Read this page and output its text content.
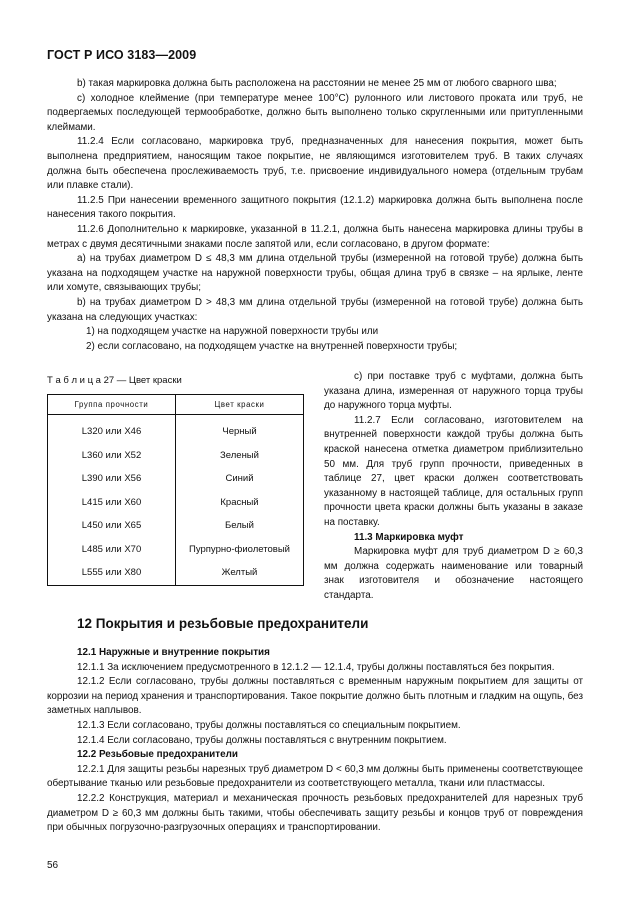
ГОСТ Р ИСО 3183—2009

b) такая маркировка должна быть расположена на расстоянии не менее 25 мм от любого сварного шва;

c) холодное клеймение (при температуре менее 100°С) рулонного или листового проката или труб, не подвергаемых последующей термообработке, должно быть выполнено только скругленными или притупленными клеймами.

11.2.4 Если согласовано, маркировка труб, предназначенных для нанесения покрытия, может быть выполнена предприятием, наносящим такое покрытие, не являющимся изготовителем труб. В таких случаях должна быть обеспечена прослеживаемость труб, т.е. присвоение индивидуального номера (отдельным трубам или плавке стали).

11.2.5 При нанесении временного защитного покрытия (12.1.2) маркировка должна быть выполнена после нанесения такого покрытия.

11.2.6 Дополнительно к маркировке, указанной в 11.2.1, должна быть нанесена маркировка длины трубы в метрах с двумя десятичными знаками после запятой или, если согласовано, в другом формате:

a) на трубах диаметром D ≤ 48,3 мм длина отдельной трубы (измеренной на готовой трубе) должна быть указана на подходящем участке на наружной поверхности трубы, общая длина труб в связке – на ярлыке, ленте или хомуте, связывающих трубы;

b) на трубах диаметром D > 48,3 мм длина отдельной трубы (измеренной на готовой трубе) должна быть указана на следующих участках:

1) на подходящем участке на наружной поверхности трубы или

2) если согласовано, на подходящем участке на внутренней поверхности трубы;

Т а б л и ц а 27 — Цвет краски
Группа прочности	Цвет краски

L320 или X46	Черный
L360 или X52	Зеленый
L390 или X56	Синий
L415 или X60	Красный
L450 или X65	Белый
L485 или X70	Пурпурно-фиолетовый
L555 или X80	Желтый

c) при поставке труб с муфтами, должна быть указана длина, измеренная от наружного торца трубы до наружного торца муфты.

11.2.7 Если согласовано, изготовителем на внутренней поверхности каждой трубы должна быть краской нанесена отметка диаметром приблизительно 50 мм. Для труб групп прочности, приведенных в таблице 27, цвет краски должен соответствовать указанному в настоящей таблице, для остальных групп прочности цвета краски должны быть указаны в заказе на поставку.

11.3 Маркировка муфт

Маркировка муфт для труб диаметром D ≥ 60,3 мм должна содержать наименование или товарный знак изготовителя и обозначение настоящего стандарта.

12 Покрытия и резьбовые предохранители

12.1 Наружные и внутренние покрытия

12.1.1 За исключением предусмотренного в 12.1.2 — 12.1.4, трубы должны поставляться без покрытия.

12.1.2 Если согласовано, трубы должны поставляться с временным наружным покрытием для защиты от коррозии на период хранения и транспортирования. Такое покрытие должно быть плотным и гладким на ощупь, без заметных наплывов.

12.1.3 Если согласовано, трубы должны поставляться со специальным покрытием.

12.1.4 Если согласовано, трубы должны поставляться с внутренним покрытием.

12.2 Резьбовые предохранители

12.2.1 Для защиты резьбы нарезных труб диаметром D < 60,3 мм должны быть применены соответствующее обертывание тканью или резьбовые предохранители из соответствующего металла, ткани или пластмассы.

12.2.2 Конструкция, материал и механическая прочность резьбовых предохранителей для нарезных труб диаметром D ≥ 60,3 мм должны быть такими, чтобы обеспечивать защиту резьбы и концов труб от повреждения при обычных погрузочно-разгрузочных операциях и транспортировании.

56
